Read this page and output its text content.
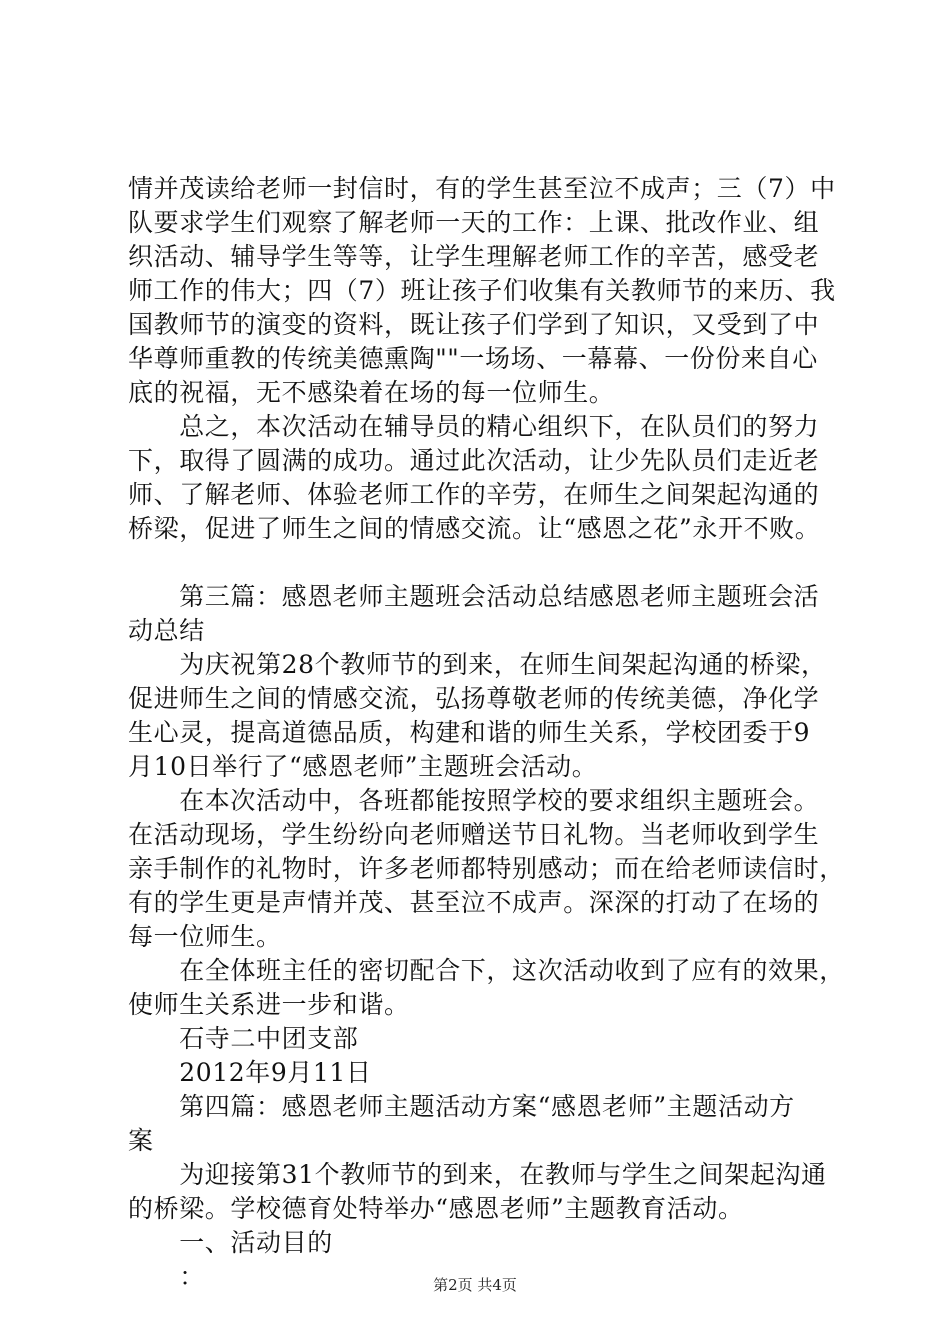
情并茂读给老师一封信时，有的学生甚至泣不成声；三（7）中
队要求学生们观察了解老师一天的工作：上课、批改作业、组
织活动、辅导学生等等，让学生理解老师工作的辛苦，感受老
师工作的伟大；四（7）班让孩子们收集有关教师节的来历、我
国教师节的演变的资料，既让孩子们学到了知识，又受到了中
华尊师重教的传统美德熏陶""一场场、一幕幕、一份份来自心
底的祝福，无不感染着在场的每一位师生。
　　总之，本次活动在辅导员的精心组织下，在队员们的努力
下，取得了圆满的成功。通过此次活动，让少先队员们走近老
师、了解老师、体验老师工作的辛劳，在师生之间架起沟通的
桥梁，促进了师生之间的情感交流。让“感恩之花”永开不败。
　　第三篇：感恩老师主题班会活动总结感恩老师主题班会活
动总结
　　为庆祝第28个教师节的到来，在师生间架起沟通的桥梁，
促进师生之间的情感交流，弘扬尊敬老师的传统美德，净化学
生心灵，提高道德品质，构建和谐的师生关系，学校团委于9
月10日举行了“感恩老师”主题班会活动。
　　在本次活动中，各班都能按照学校的要求组织主题班会。
在活动现场，学生纷纷向老师赠送节日礼物。当老师收到学生
亲手制作的礼物时，许多老师都特别感动；而在给老师读信时，
有的学生更是声情并茂、甚至泣不成声。深深的打动了在场的
每一位师生。
　　在全体班主任的密切配合下，这次活动收到了应有的效果，
使师生关系进一步和谐。
　　石寺二中团支部
　　2012年9月11日
　　第四篇：感恩老师主题活动方案“感恩老师”主题活动方
案
　　为迎接第31个教师节的到来，在教师与学生之间架起沟通
的桥梁。学校德育处特举办“感恩老师”主题教育活动。
　　一、活动目的
　　：	第2页 共4页
